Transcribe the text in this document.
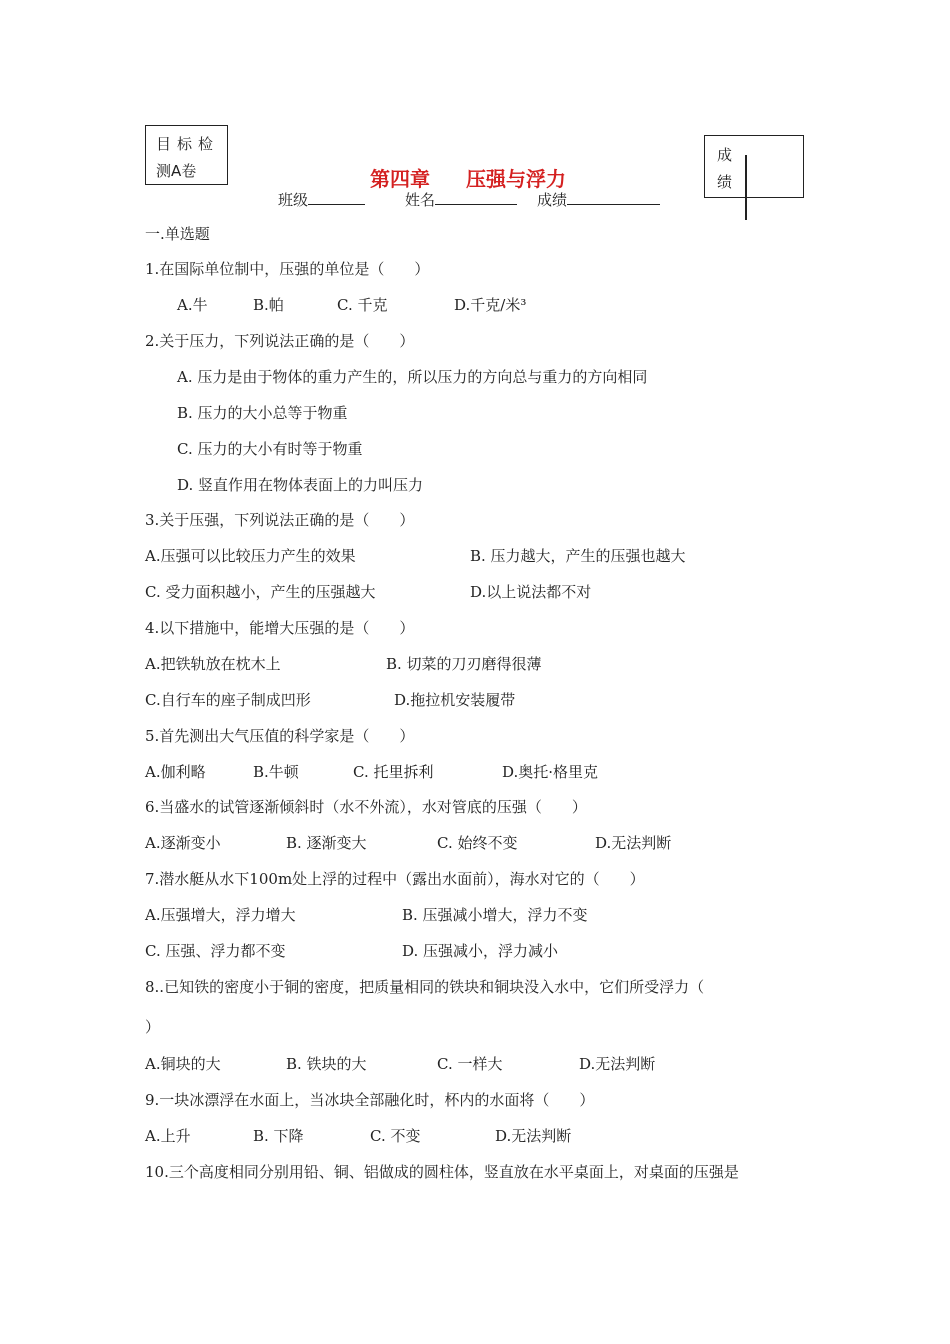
目标检
测A卷	第四章 压强与浮力
成
绩
班级	姓名	成绩
一.单选题
1.在国际单位制中，压强的单位是（　　）
A.牛	B.帕	C. 千克	D.千克/米³
2.关于压力，下列说法正确的是（　　）
A. 压力是由于物体的重力产生的，所以压力的方向总与重力的方向相同
B. 压力的大小总等于物重
C. 压力的大小有时等于物重
D. 竖直作用在物体表面上的力叫压力
3.关于压强，下列说法正确的是（　　）
A.压强可以比较压力产生的效果	B. 压力越大，产生的压强也越大
C. 受力面积越小，产生的压强越大	D.以上说法都不对
4.以下措施中，能增大压强的是（　　）
A.把铁轨放在枕木上	B. 切菜的刀刃磨得很薄
C.自行车的座子制成凹形	D.拖拉机安装履带
5.首先测出大气压值的科学家是（　　）
A.伽利略	B.牛顿	C. 托里拆利	D.奥托·格里克
6.当盛水的试管逐渐倾斜时（水不外流），水对管底的压强（　　）
A.逐渐变小	B. 逐渐变大	C. 始终不变	D.无法判断
7.潜水艇从水下100m处上浮的过程中（露出水面前），海水对它的（　　）
A.压强增大，浮力增大	B. 压强减小增大，浮力不变
C. 压强、浮力都不变	D. 压强减小，浮力减小
8..已知铁的密度小于铜的密度，把质量相同的铁块和铜块没入水中，它们所受浮力（
）
A.铜块的大	B. 铁块的大	C. 一样大	D.无法判断
9.一块冰漂浮在水面上，当冰块全部融化时，杯内的水面将（　　）
A.上升	B. 下降	C. 不变	D.无法判断
10.三个高度相同分别用铅、铜、铝做成的圆柱体，竖直放在水平桌面上，对桌面的压强是
